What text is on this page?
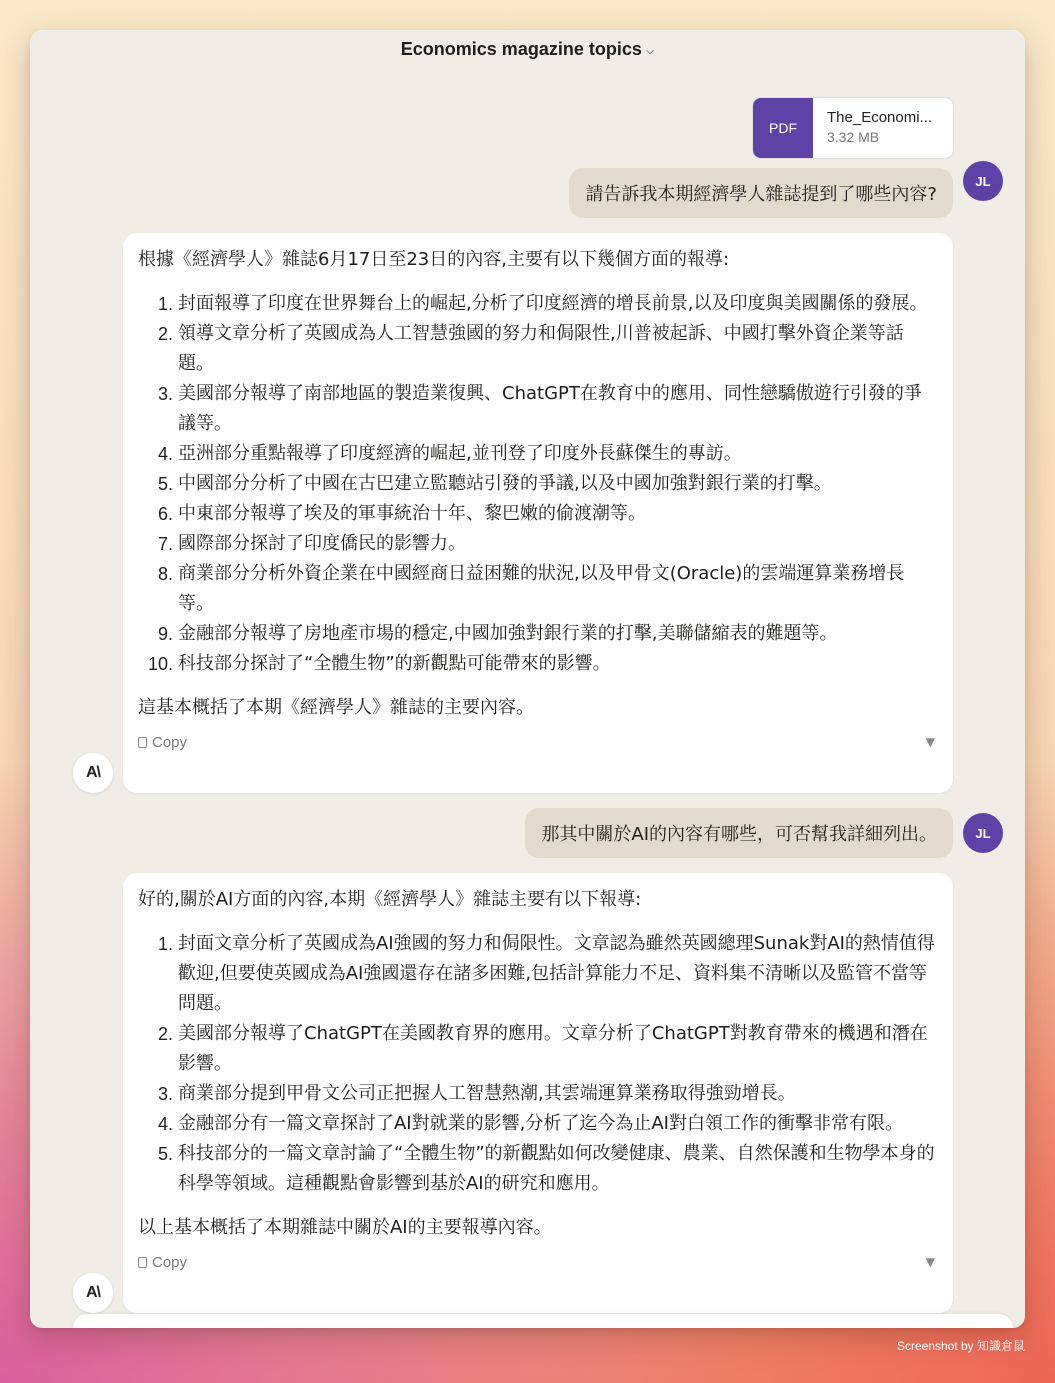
Economics magazine topics ⌵
PDF
The_Economi...
3.32 MB
請告訴我本期經濟學人雜誌提到了哪些內容?
JL

根據《經濟學人》雜誌6月17日至23日的內容,主要有以下幾個方面的報導:

1. 封面報導了印度在世界舞台上的崛起,分析了印度經濟的增長前景,以及印度與美國關係的發展。
2. 領導文章分析了英國成為人工智慧強國的努力和侷限性,川普被起訴、中國打擊外資企業等話題。
3. 美國部分報導了南部地區的製造業復興、ChatGPT在教育中的應用、同性戀驕傲遊行引發的爭議等。
4. 亞洲部分重點報導了印度經濟的崛起,並刊登了印度外長蘇傑生的專訪。
5. 中國部分分析了中國在古巴建立監聽站引發的爭議,以及中國加強對銀行業的打擊。
6. 中東部分報導了埃及的軍事統治十年、黎巴嫩的偷渡潮等。
7. 國際部分探討了印度僑民的影響力。
8. 商業部分分析外資企業在中國經商日益困難的狀況,以及甲骨文(Oracle)的雲端運算業務增長等。
9. 金融部分報導了房地產市場的穩定,中國加強對銀行業的打擊,美聯儲縮表的難題等。
10. 科技部分探討了“全體生物”的新觀點可能帶來的影響。

這基本概括了本期《經濟學人》雜誌的主要內容。

Copy	▼
A\
那其中關於AI的內容有哪些，可否幫我詳細列出。	JL

好的,關於AI方面的內容,本期《經濟學人》雜誌主要有以下報導:

1. 封面文章分析了英國成為AI強國的努力和侷限性。文章認為雖然英國總理Sunak對AI的熱情值得歡迎,但要使英國成為AI強國還存在諸多困難,包括計算能力不足、資料集不清晰以及監管不當等問題。
2. 美國部分報導了ChatGPT在美國教育界的應用。文章分析了ChatGPT對教育帶來的機遇和潛在影響。
3. 商業部分提到甲骨文公司正把握人工智慧熱潮,其雲端運算業務取得強勁增長。
4. 金融部分有一篇文章探討了AI對就業的影響,分析了迄今為止AI對白領工作的衝擊非常有限。
5. 科技部分的一篇文章討論了“全體生物”的新觀點如何改變健康、農業、自然保護和生物學本身的科學等領域。這種觀點會影響到基於AI的研究和應用。

以上基本概括了本期雜誌中關於AI的主要報導內容。

Copy	▼
A\
Screenshot by 知識倉鼠
